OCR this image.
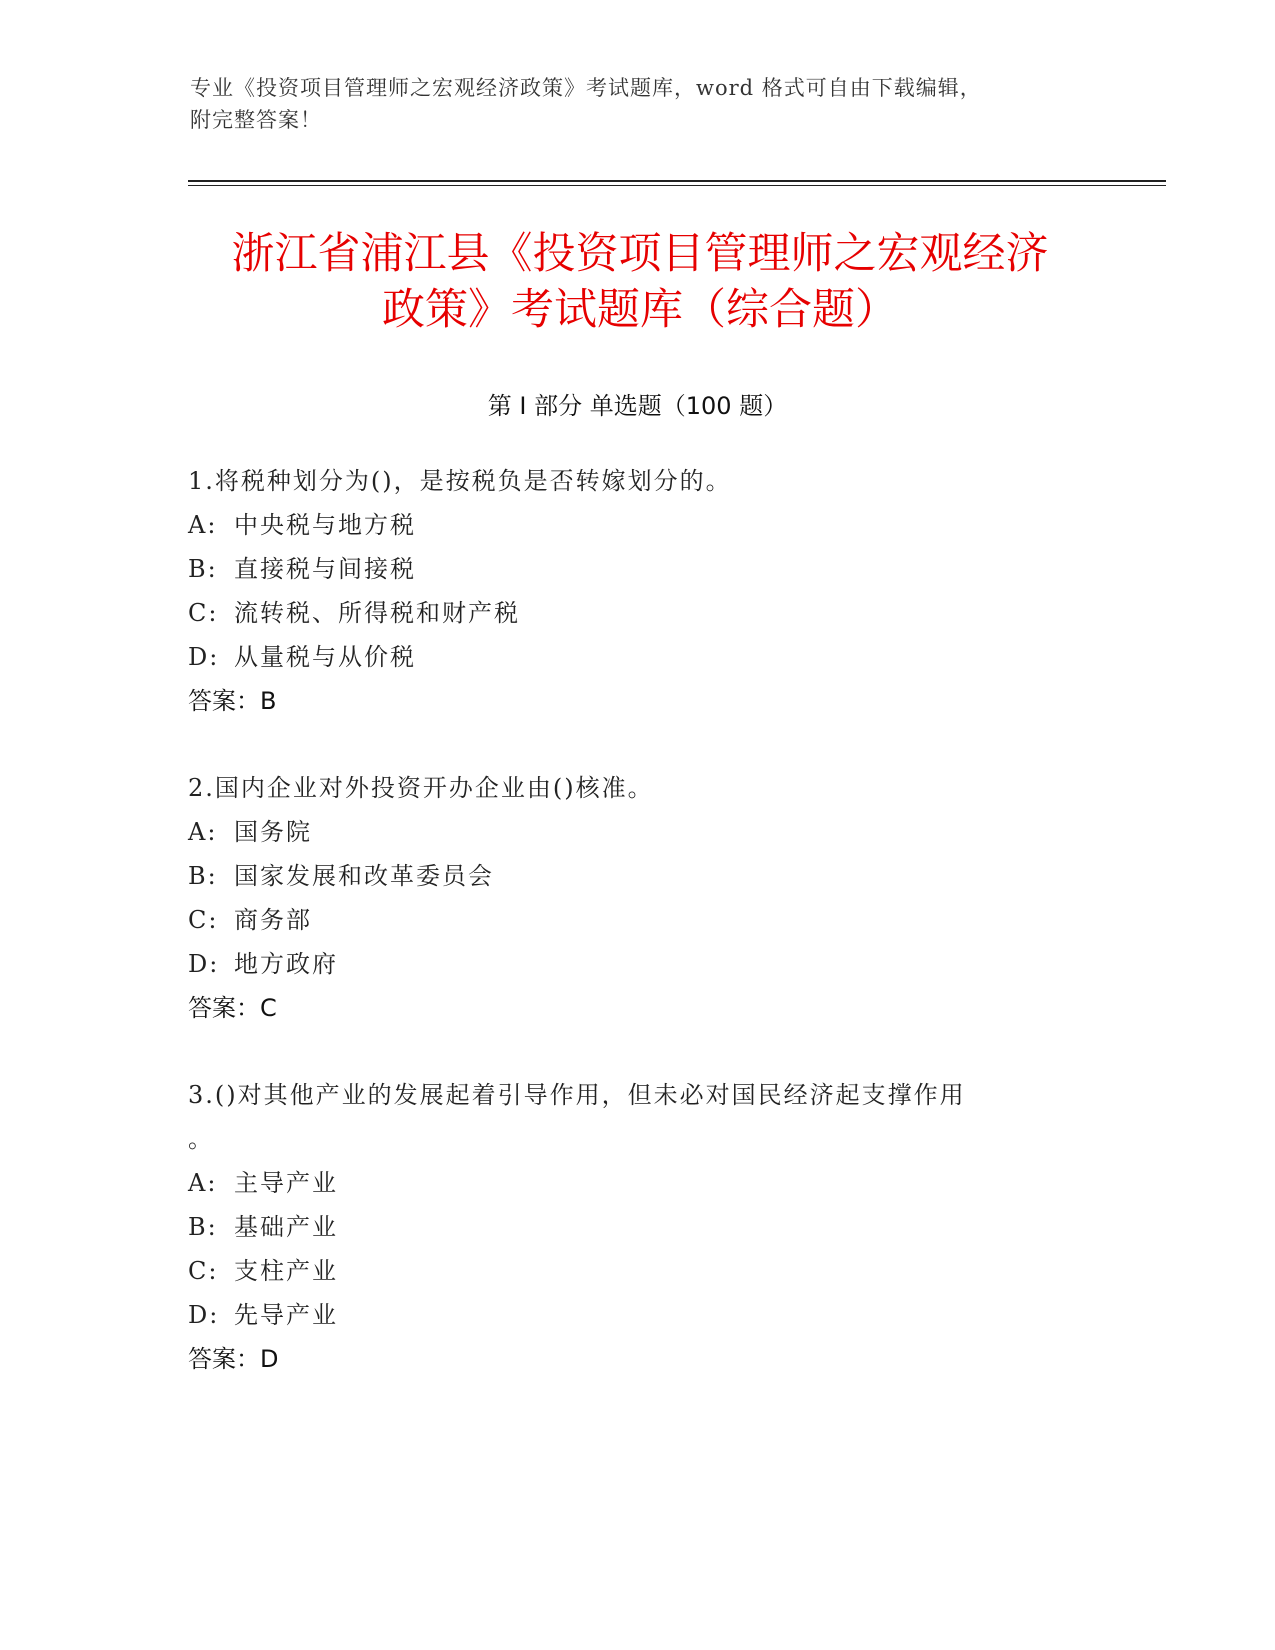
专业《投资项目管理师之宏观经济政策》考试题库，word 格式可自由下载编辑，
附完整答案！
浙江省浦江县《投资项目管理师之宏观经济
政策》考试题库（综合题）
第 I 部分 单选题（100 题）
1.将税种划分为()，是按税负是否转嫁划分的。
A: 中央税与地方税
B: 直接税与间接税
C: 流转税、所得税和财产税
D: 从量税与从价税
答案：B
2.国内企业对外投资开办企业由()核准。
A: 国务院
B: 国家发展和改革委员会
C: 商务部
D: 地方政府
答案：C
3.()对其他产业的发展起着引导作用，但未必对国民经济起支撑作用
。
A: 主导产业
B: 基础产业
C: 支柱产业
D: 先导产业
答案：D
